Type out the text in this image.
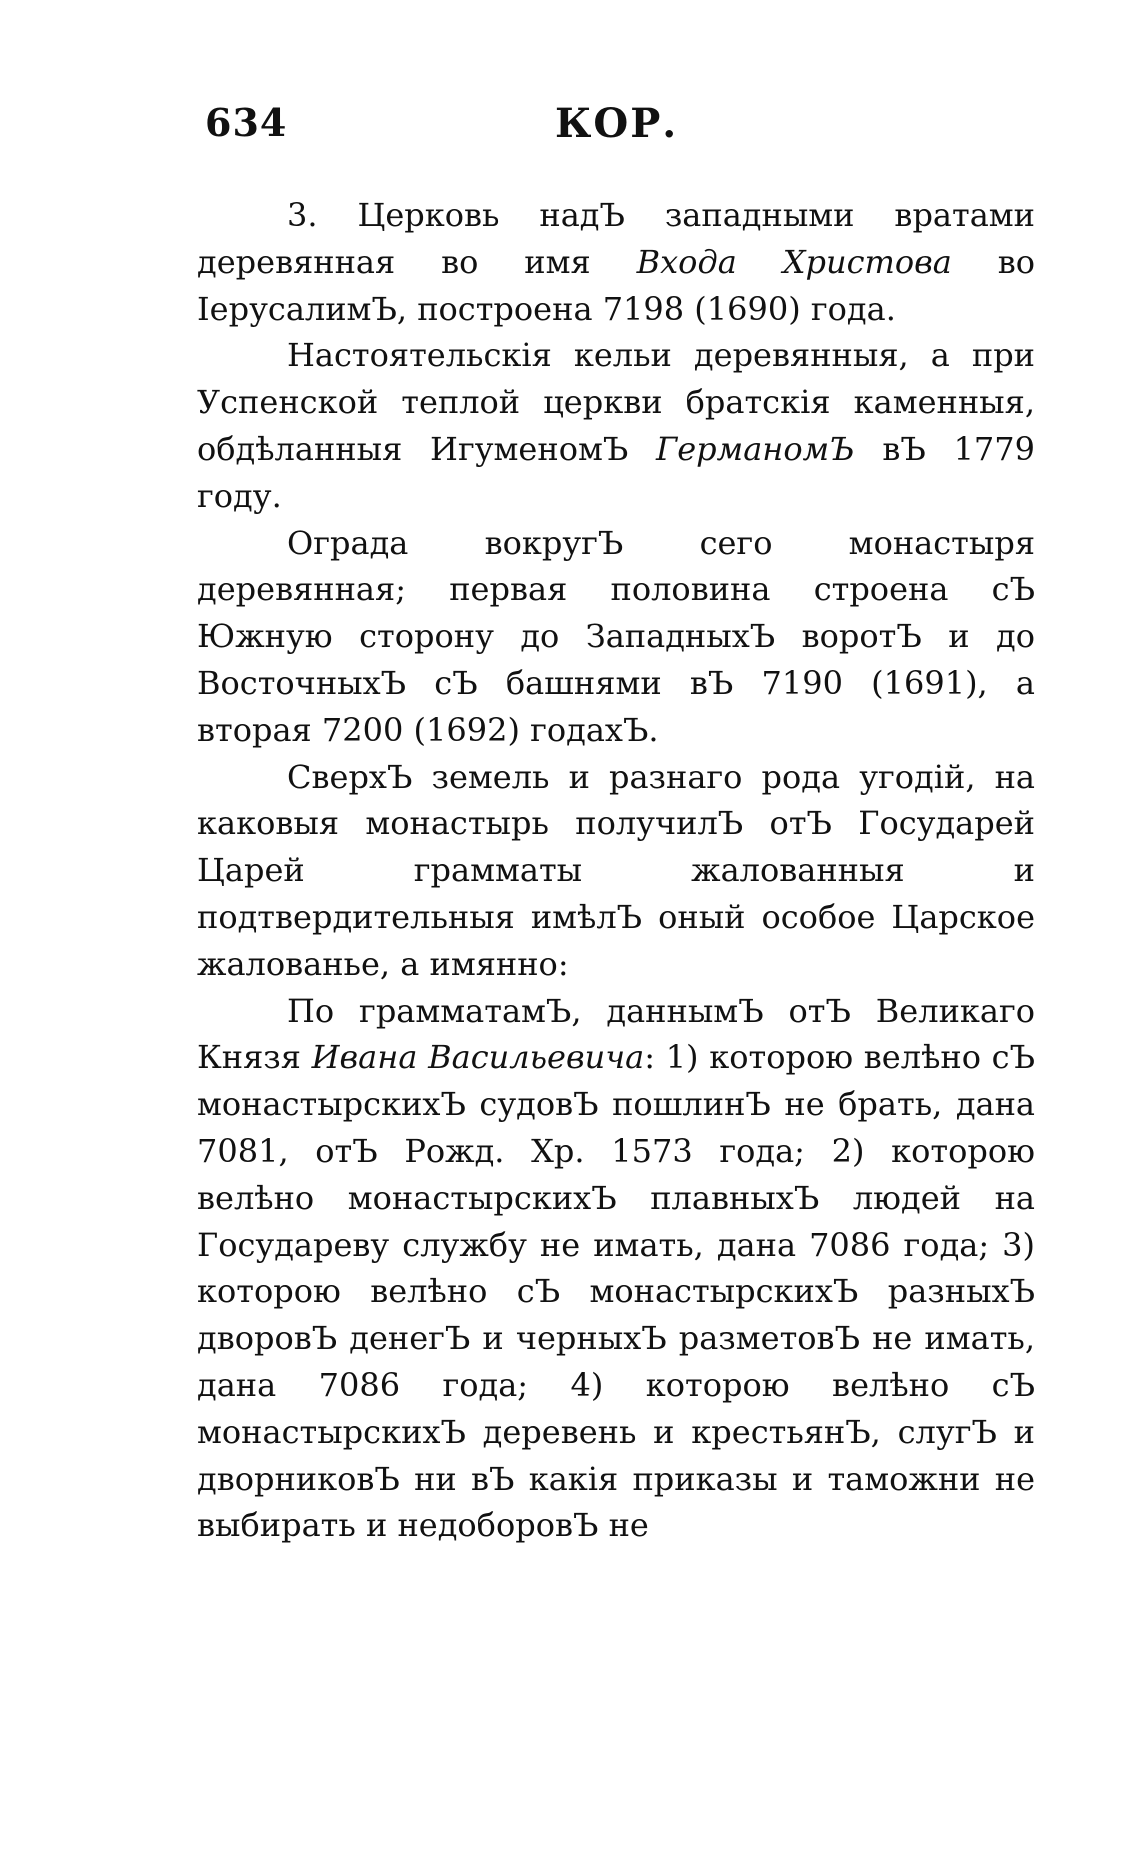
634	КОР.

3. Церковь надЪ западными вратами деревянная во имя Входа Христова во IерусалимЪ, построена 7198 (1690) года.

Настоятельскiя кельи деревянныя, а при Успенской теплой церкви братскiя каменныя, обдѣланныя ИгуменомЪ ГерманомЪ вЪ 1779 году.

Ограда вокругЪ сего монастыря деревянная; первая половина строена сЪ Южную сторону до ЗападныхЪ воротЪ и до ВосточныхЪ сЪ башнями вЪ 7190 (1691), а вторая 7200 (1692) годахЪ.

СверхЪ земель и разнаго рода угодiй, на каковыя монастырь получилЪ отЪ Государей Царей грамматы жалованныя и подтвердительныя имѣлЪ оный особое Царское жалованье, а имянно:

По грамматамЪ, даннымЪ отЪ Великаго Князя Ивана Васильевича: 1) которою велѣно сЪ монастырскихЪ судовЪ пошлинЪ не брать, дана 7081, отЪ Рожд. Хр. 1573 года; 2) которою велѣно монастырскихЪ плавныхЪ людей на Государеву службу не имать, дана 7086 года; 3) которою велѣно сЪ монастырскихЪ разныхЪ дворовЪ денегЪ и черныхЪ разметовЪ не имать, дана 7086 года; 4) которою велѣно сЪ монастырскихЪ деревень и крестьянЪ, слугЪ и дворниковЪ ни вЪ какiя приказы и таможни не выбирать и недоборовЪ не
